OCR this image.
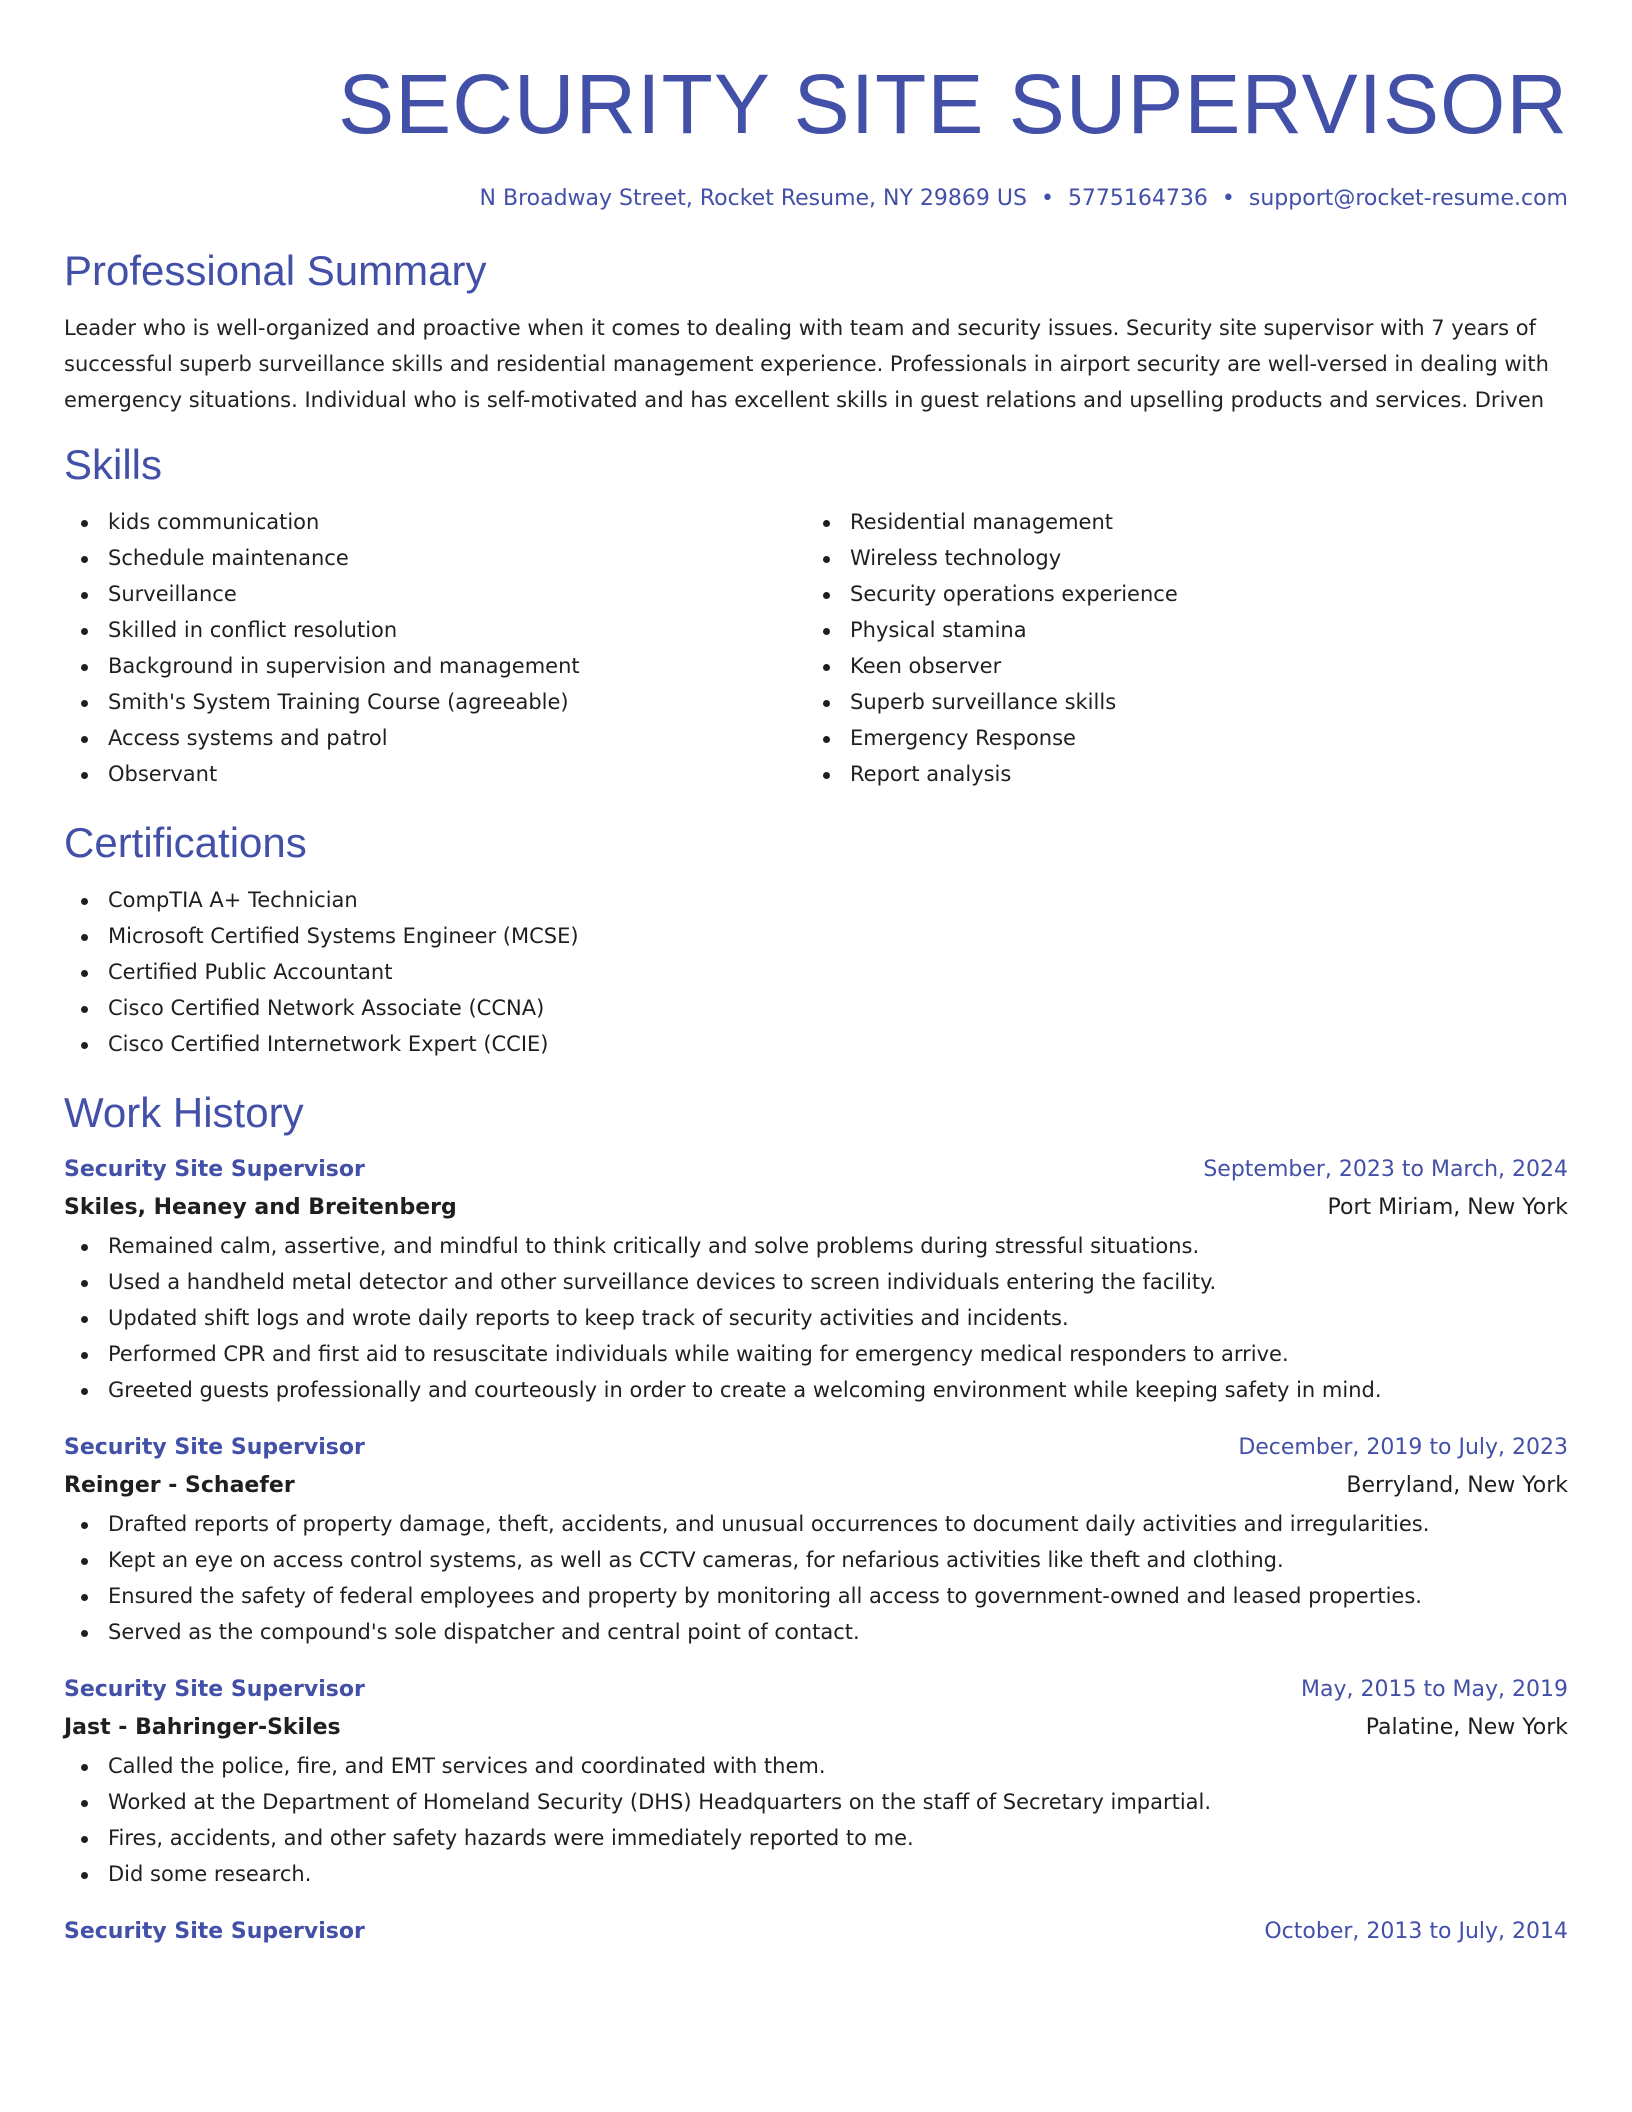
SECURITY SITE SUPERVISOR
N Broadway Street, Rocket Resume, NY 29869 US • 5775164736 • support@rocket-resume.com
Professional Summary
Leader who is well-organized and proactive when it comes to dealing with team and security issues. Security site supervisor with 7 years of successful superb surveillance skills and residential management experience. Professionals in airport security are well-versed in dealing with emergency situations. Individual who is self-motivated and has excellent skills in guest relations and upselling products and services. Driven
Skills
kids communication
Schedule maintenance
Surveillance
Skilled in conflict resolution
Background in supervision and management
Smith's System Training Course (agreeable)
Access systems and patrol
Observant
Residential management
Wireless technology
Security operations experience
Physical stamina
Keen observer
Superb surveillance skills
Emergency Response
Report analysis
Certifications
CompTIA A+ Technician
Microsoft Certified Systems Engineer (MCSE)
Certified Public Accountant
Cisco Certified Network Associate (CCNA)
Cisco Certified Internetwork Expert (CCIE)
Work History
Security Site Supervisor	September, 2023 to March, 2024
Skiles, Heaney and Breitenberg	Port Miriam, New York
Remained calm, assertive, and mindful to think critically and solve problems during stressful situations.
Used a handheld metal detector and other surveillance devices to screen individuals entering the facility.
Updated shift logs and wrote daily reports to keep track of security activities and incidents.
Performed CPR and first aid to resuscitate individuals while waiting for emergency medical responders to arrive.
Greeted guests professionally and courteously in order to create a welcoming environment while keeping safety in mind.
Security Site Supervisor	December, 2019 to July, 2023
Reinger - Schaefer	Berryland, New York
Drafted reports of property damage, theft, accidents, and unusual occurrences to document daily activities and irregularities.
Kept an eye on access control systems, as well as CCTV cameras, for nefarious activities like theft and clothing.
Ensured the safety of federal employees and property by monitoring all access to government-owned and leased properties.
Served as the compound's sole dispatcher and central point of contact.
Security Site Supervisor	May, 2015 to May, 2019
Jast - Bahringer-Skiles	Palatine, New York
Called the police, fire, and EMT services and coordinated with them.
Worked at the Department of Homeland Security (DHS) Headquarters on the staff of Secretary impartial.
Fires, accidents, and other safety hazards were immediately reported to me.
Did some research.
Security Site Supervisor	October, 2013 to July, 2014
